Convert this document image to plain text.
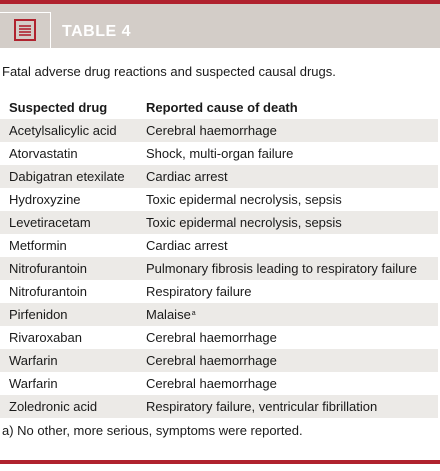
TABLE 4
Fatal adverse drug reactions and suspected causal drugs.
Suspected drug	Reported cause of death
Acetylsalicylic acid	Cerebral haemorrhage
Atorvastatin	Shock, multi-organ failure
Dabigatran etexilate	Cardiac arrest
Hydroxyzine	Toxic epidermal necrolysis, sepsis
Levetiracetam	Toxic epidermal necrolysis, sepsis
Metformin	Cardiac arrest
Nitrofurantoin	Pulmonary fibrosis leading to respiratory failure
Nitrofurantoin	Respiratory failure
Pirfenidon	Malaise$^a$
Rivaroxaban	Cerebral haemorrhage
Warfarin	Cerebral haemorrhage
Warfarin	Cerebral haemorrhage
Zoledronic acid	Respiratory failure, ventricular fibrillation
a) No other, more serious, symptoms were reported.
